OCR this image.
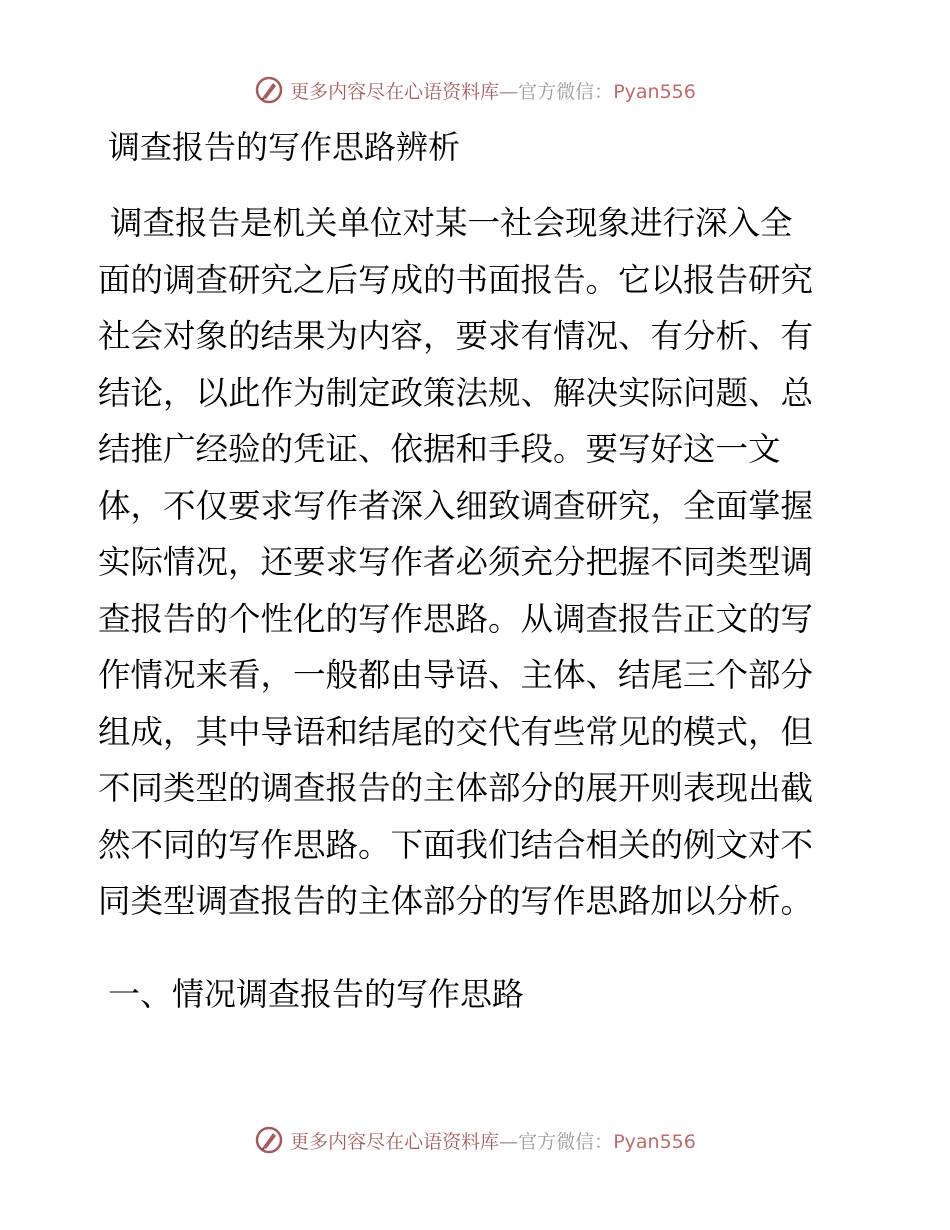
更多内容尽在心语资料库—官方微信：Pyan556
调查报告的写作思路辨析
调查报告是机关单位对某一社会现象进行深入全
面的调查研究之后写成的书面报告。它以报告研究
社会对象的结果为内容，要求有情况、有分析、有
结论，以此作为制定政策法规、解决实际问题、总
结推广经验的凭证、依据和手段。要写好这一文
体，不仅要求写作者深入细致调查研究，全面掌握
实际情况，还要求写作者必须充分把握不同类型调
查报告的个性化的写作思路。从调查报告正文的写
作情况来看，一般都由导语、主体、结尾三个部分
组成，其中导语和结尾的交代有些常见的模式，但
不同类型的调查报告的主体部分的展开则表现出截
然不同的写作思路。下面我们结合相关的例文对不
同类型调查报告的主体部分的写作思路加以分析。
一、情况调查报告的写作思路
更多内容尽在心语资料库—官方微信：Pyan556
